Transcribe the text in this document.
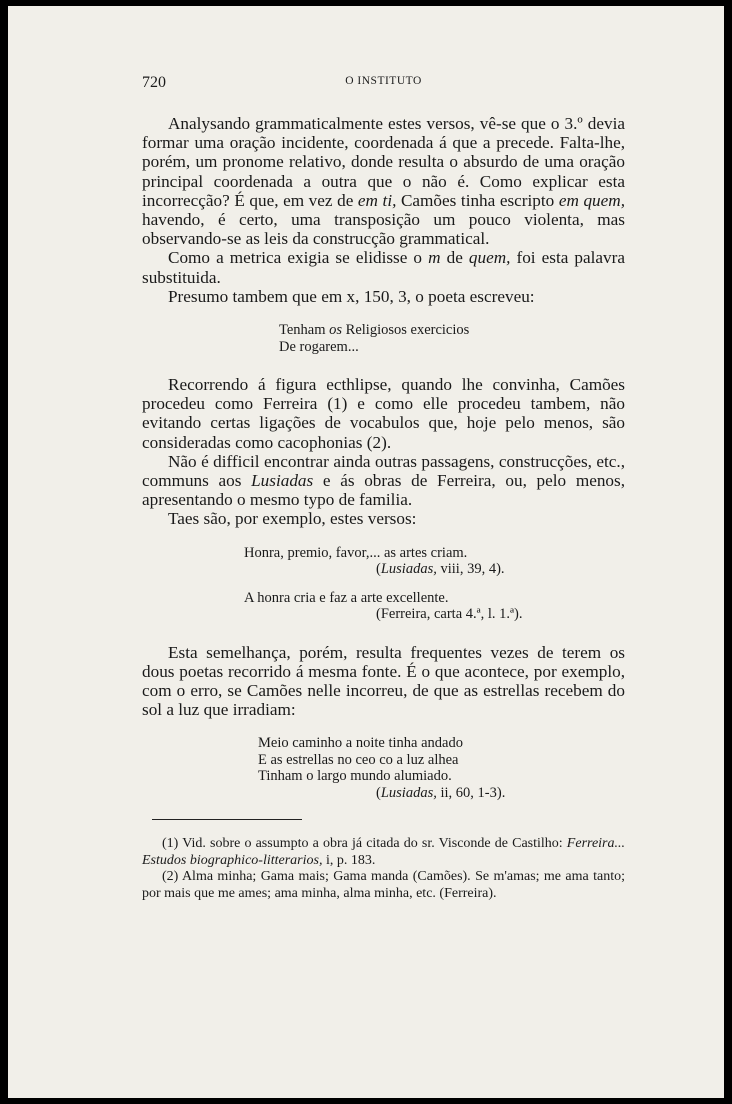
720	O INSTITUTO

Analysando grammaticalmente estes versos, vê-se que o 3.º devia formar uma oração incidente, coordenada á que a precede. Falta-lhe, porém, um pronome relativo, donde resulta o absurdo de uma oração principal coordenada a outra que o não é. Como explicar esta incorrecção? É que, em vez de em ti, Camões tinha escripto em quem, havendo, é certo, uma transposição um pouco violenta, mas observando-se as leis da construcção grammatical.

Como a metrica exigia se elidisse o m de quem, foi esta palavra substituida.

Presumo tambem que em x, 150, 3, o poeta escreveu:

Tenham os Religiosos exercicios
De rogarem...

Recorrendo á figura ecthlipse, quando lhe convinha, Camões procedeu como Ferreira (1) e como elle procedeu tambem, não evitando certas ligações de vocabulos que, hoje pelo menos, são consideradas como cacophonias (2).

Não é difficil encontrar ainda outras passagens, construcções, etc., communs aos Lusiadas e ás obras de Ferreira, ou, pelo menos, apresentando o mesmo typo de familia.

Taes são, por exemplo, estes versos:

Honra, premio, favor,... as artes criam.
(Lusiadas, viii, 39, 4).
A honra cria e faz a arte excellente.
(Ferreira, carta 4.ª, l. 1.ª).

Esta semelhança, porém, resulta frequentes vezes de terem os dous poetas recorrido á mesma fonte. É o que acontece, por exemplo, com o erro, se Camões nelle incorreu, de que as estrellas recebem do sol a luz que irradiam:

Meio caminho a noite tinha andado
E as estrellas no ceo co a luz alhea
Tinham o largo mundo alumiado.
(Lusiadas, ii, 60, 1-3).

(1) Vid. sobre o assumpto a obra já citada do sr. Visconde de Castilho: Ferreira... Estudos biographico-litterarios, i, p. 183.

(2) Alma minha; Gama mais; Gama manda (Camões). Se m'amas; me ama tanto; por mais que me ames; ama minha, alma minha, etc. (Ferreira).
